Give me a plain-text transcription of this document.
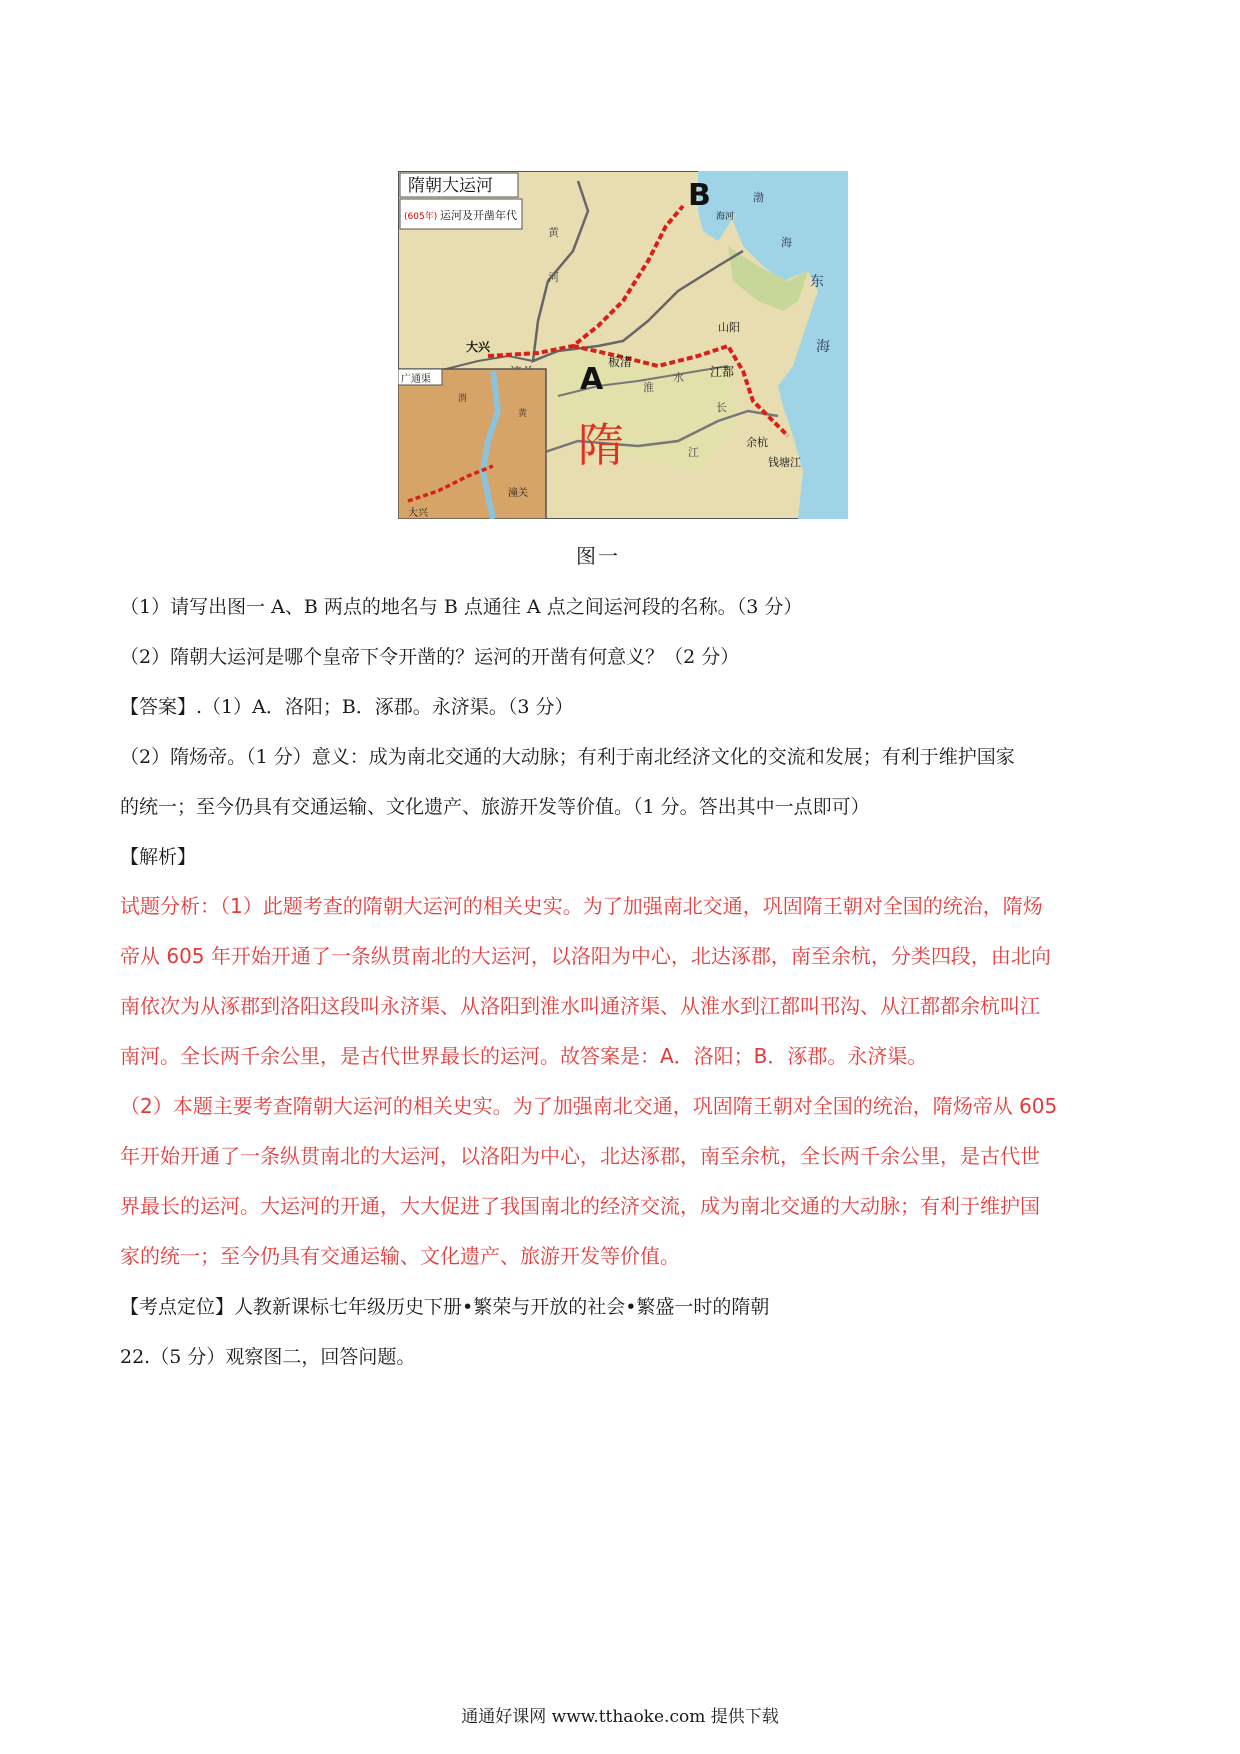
隋朝大运河
(605年) 运河及开凿年代
B
A
隋
大兴
板渚
山阳
江都
余杭
钱塘江
海河
黄
河
淮
水
长
江
渤
海
东
海
广通渠
大兴
潼关
渭
黄
图一
（1）请写出图一 A、B 两点的地名与 B 点通往 A 点之间运河段的名称。（3 分）
（2）隋朝大运河是哪个皇帝下令开凿的？运河的开凿有何意义？（2 分）
【答案】.（1）A．洛阳；B．涿郡。永济渠。（3 分）
（2）隋炀帝。（1 分）意义：成为南北交通的大动脉；有利于南北经济文化的交流和发展；有利于维护国家
的统一；至今仍具有交通运输、文化遗产、旅游开发等价值。（1 分。答出其中一点即可）
【解析】
试题分析：（1）此题考查的隋朝大运河的相关史实。为了加强南北交通，巩固隋王朝对全国的统治，隋炀
帝从 605 年开始开通了一条纵贯南北的大运河，以洛阳为中心，北达涿郡，南至余杭，分类四段，由北向
南依次为从涿郡到洛阳这段叫永济渠、从洛阳到淮水叫通济渠、从淮水到江都叫邗沟、从江都都余杭叫江
南河。全长两千余公里，是古代世界最长的运河。故答案是：A．洛阳；B．涿郡。永济渠。
（2）本题主要考查隋朝大运河的相关史实。为了加强南北交通，巩固隋王朝对全国的统治，隋炀帝从 605
年开始开通了一条纵贯南北的大运河，以洛阳为中心，北达涿郡，南至余杭，全长两千余公里，是古代世
界最长的运河。大运河的开通，大大促进了我国南北的经济交流，成为南北交通的大动脉；有利于维护国
家的统一；至今仍具有交通运输、文化遗产、旅游开发等价值。
【考点定位】人教新课标七年级历史下册•繁荣与开放的社会•繁盛一时的隋朝
22.（5 分）观察图二，回答问题。
通通好课网 www.tthaoke.com 提供下载
